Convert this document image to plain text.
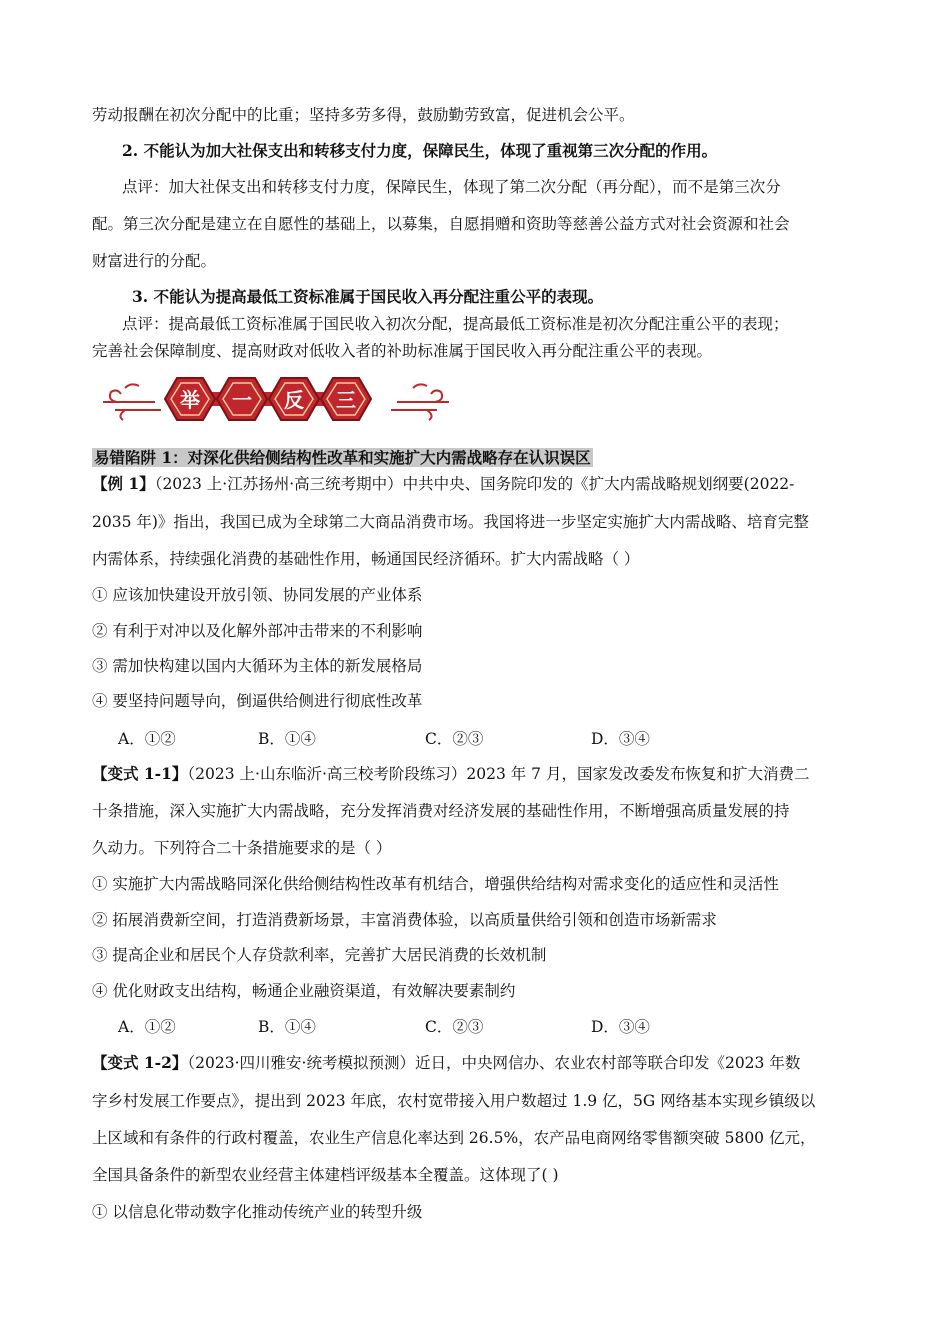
劳动报酬在初次分配中的比重；坚持多劳多得，鼓励勤劳致富，促进机会公平。
2. 不能认为加大社保支出和转移支付力度，保障民生，体现了重视第三次分配的作用。
点评：加大社保支出和转移支付力度，保障民生，体现了第二次分配（再分配），而不是第三次分
配。第三次分配是建立在自愿性的基础上，以募集，自愿捐赠和资助等慈善公益方式对社会资源和社会
财富进行的分配。
3. 不能认为提高最低工资标准属于国民收入再分配注重公平的表现。
点评：提高最低工资标准属于国民收入初次分配，提高最低工资标准是初次分配注重公平的表现；
完善社会保障制度、提高财政对低收入者的补助标准属于国民收入再分配注重公平的表现。
举 一 反 三
易错陷阱 1：对深化供给侧结构性改革和实施扩大内需战略存在认识误区
【例 1】（2023 上·江苏扬州·高三统考期中）中共中央、国务院印发的《扩大内需战略规划纲要(2022-
2035 年)》指出，我国已成为全球第二大商品消费市场。我国将进一步坚定实施扩大内需战略、培育完整
内需体系，持续强化消费的基础性作用，畅通国民经济循环。扩大内需战略（ ）
① 应该加快建设开放引领、协同发展的产业体系
② 有利于对冲以及化解外部冲击带来的不利影响
③ 需加快构建以国内大循环为主体的新发展格局
④ 要坚持问题导向，倒逼供给侧进行彻底性改革
A．①②	B．①④	C．②③	D．③④
【变式 1-1】（2023 上·山东临沂·高三校考阶段练习）2023 年 7 月，国家发改委发布恢复和扩大消费二
十条措施，深入实施扩大内需战略，充分发挥消费对经济发展的基础性作用，不断增强高质量发展的持
久动力。下列符合二十条措施要求的是（ ）
① 实施扩大内需战略同深化供给侧结构性改革有机结合，增强供给结构对需求变化的适应性和灵活性
② 拓展消费新空间，打造消费新场景，丰富消费体验，以高质量供给引领和创造市场新需求
③ 提高企业和居民个人存贷款利率，完善扩大居民消费的长效机制
④ 优化财政支出结构，畅通企业融资渠道，有效解决要素制约
A．①②	B．①④	C．②③	D．③④
【变式 1-2】（2023·四川雅安·统考模拟预测）近日，中央网信办、农业农村部等联合印发《2023 年数
字乡村发展工作要点》，提出到 2023 年底，农村宽带接入用户数超过 1.9 亿，5G 网络基本实现乡镇级以
上区域和有条件的行政村覆盖，农业生产信息化率达到 26.5%，农产品电商网络零售额突破 5800 亿元，
全国具备条件的新型农业经营主体建档评级基本全覆盖。这体现了( )
① 以信息化带动数字化推动传统产业的转型升级
